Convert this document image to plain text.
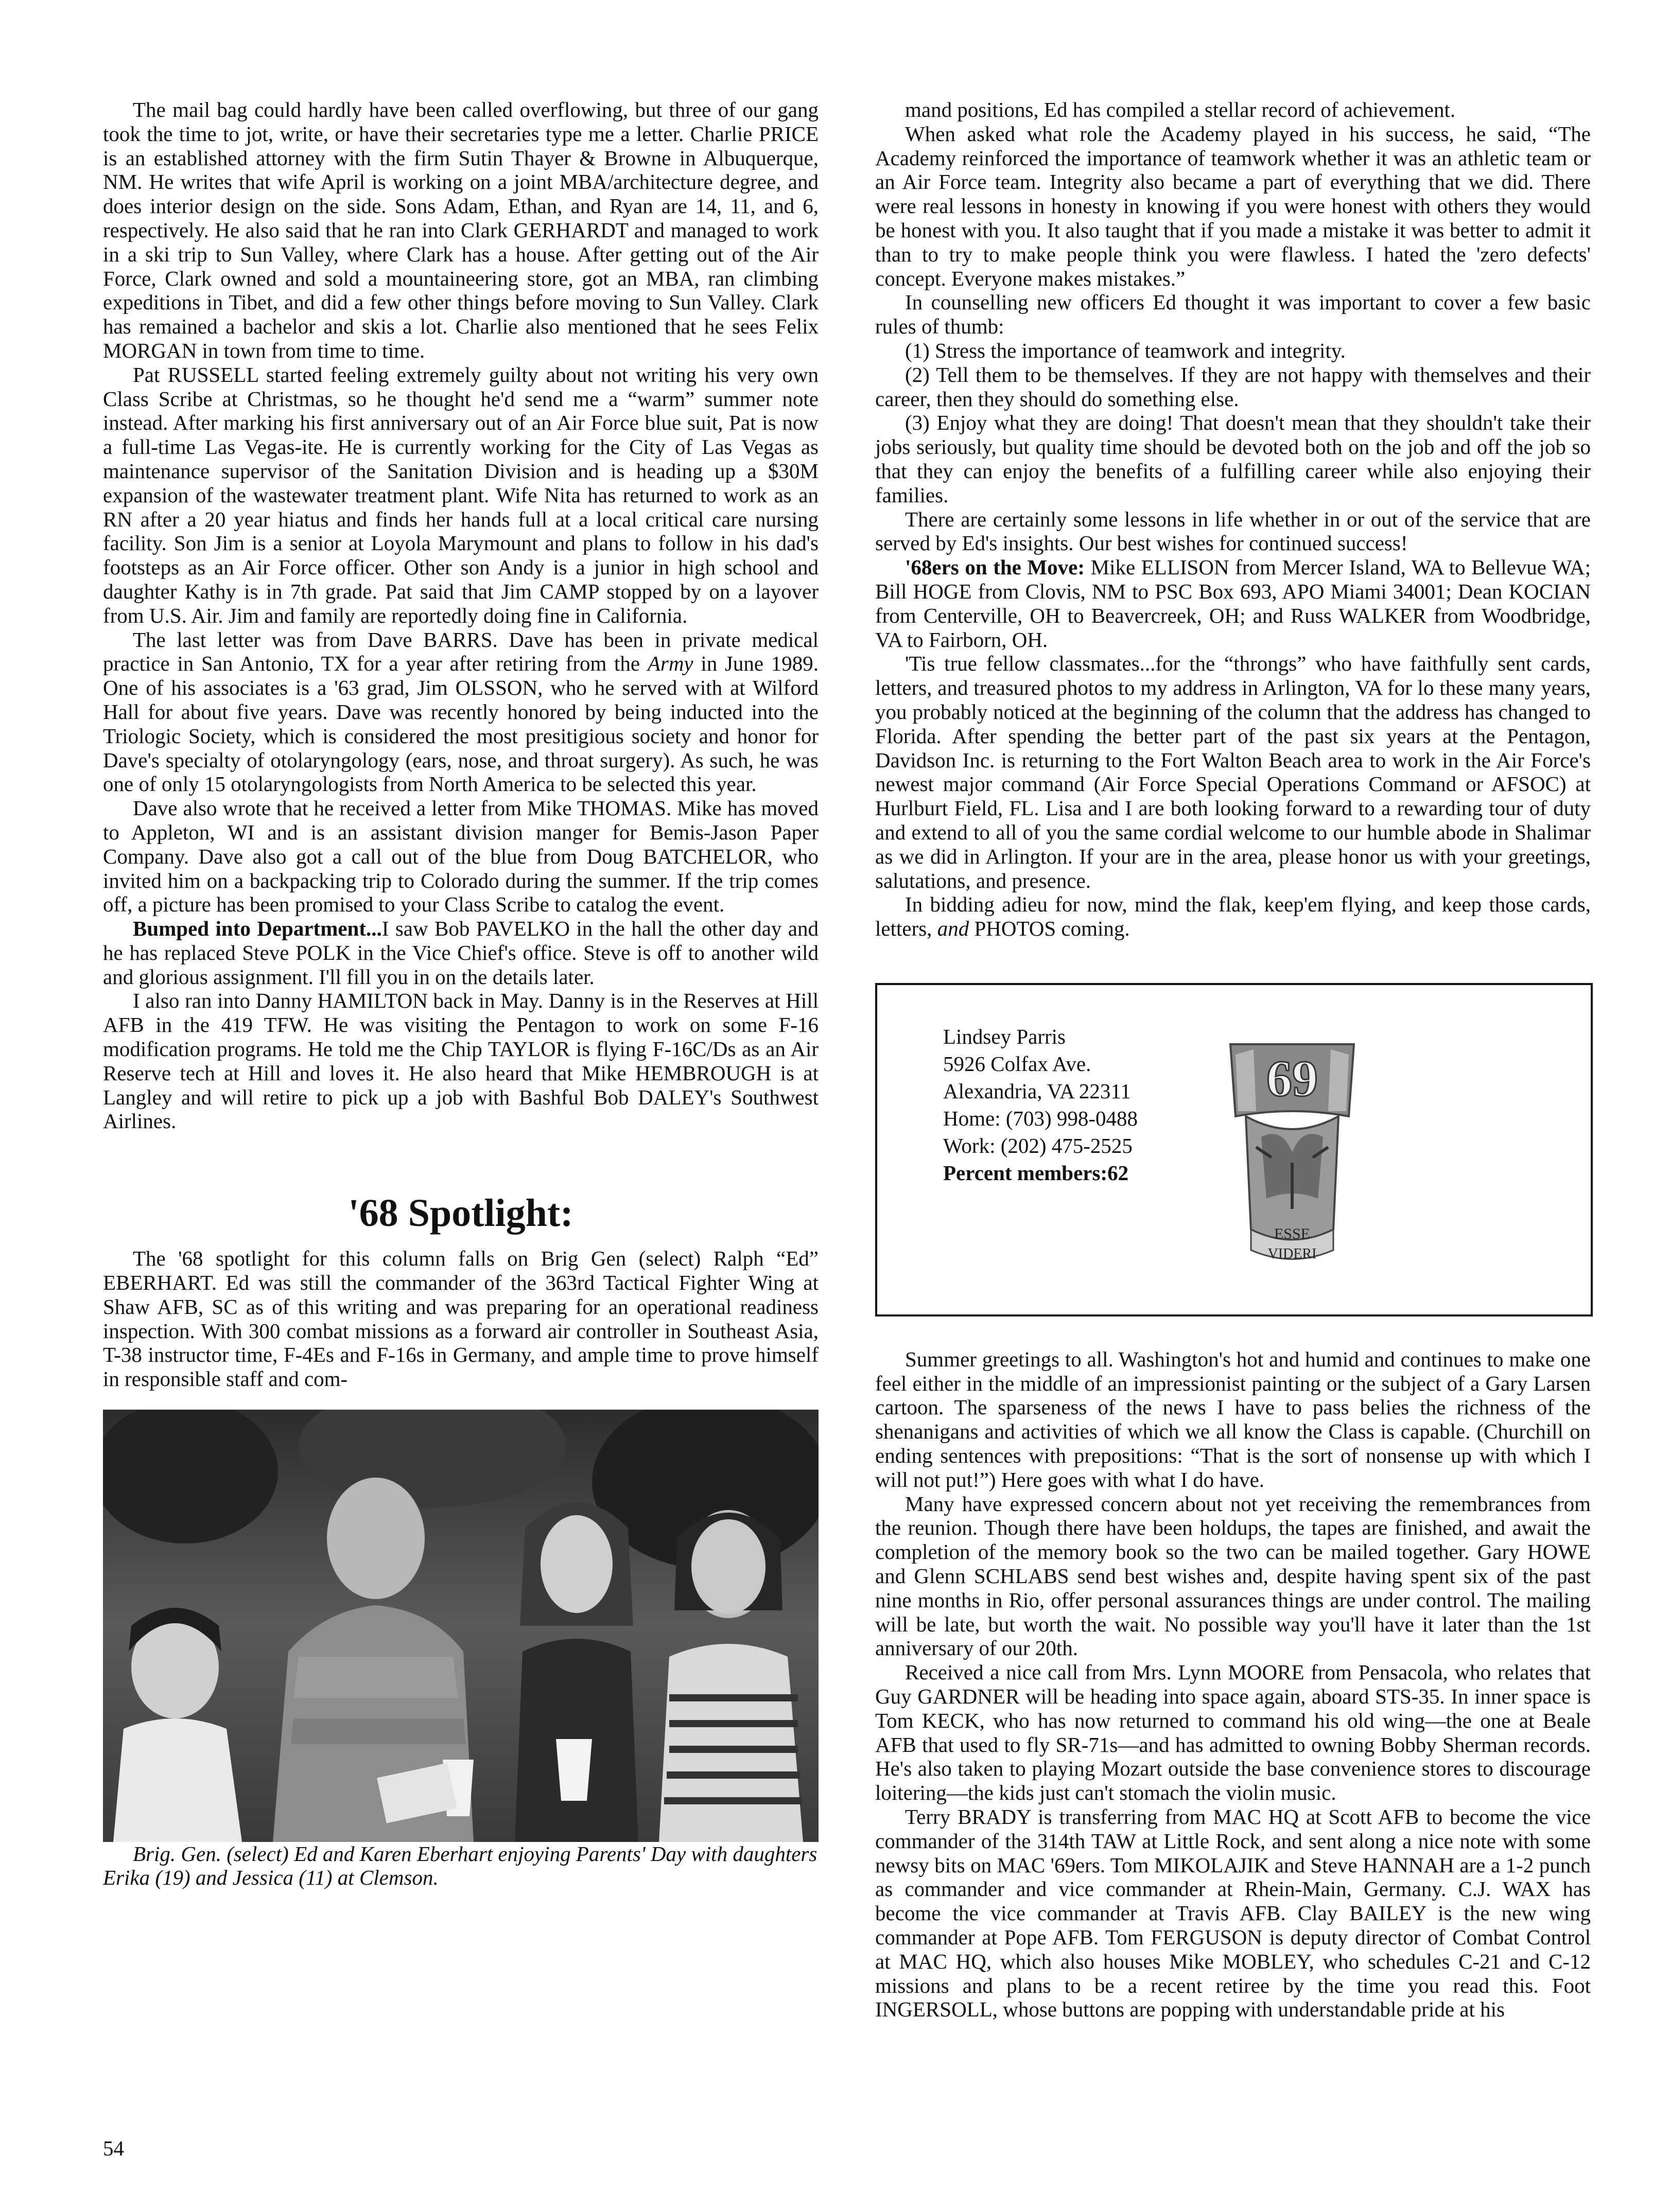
The mail bag could hardly have been called overflowing, but three of our gang took the time to jot, write, or have their secretaries type me a letter. Charlie PRICE is an established attorney with the firm Sutin Thayer & Browne in Albuquerque, NM. He writes that wife April is working on a joint MBA/architecture degree, and does interior design on the side. Sons Adam, Ethan, and Ryan are 14, 11, and 6, respectively. He also said that he ran into Clark GERHARDT and managed to work in a ski trip to Sun Valley, where Clark has a house. After getting out of the Air Force, Clark owned and sold a mountaineering store, got an MBA, ran climbing expeditions in Tibet, and did a few other things before moving to Sun Valley. Clark has remained a bachelor and skis a lot. Charlie also mentioned that he sees Felix MORGAN in town from time to time.

Pat RUSSELL started feeling extremely guilty about not writing his very own Class Scribe at Christmas, so he thought he'd send me a “warm” summer note instead. After marking his first anniversary out of an Air Force blue suit, Pat is now a full-time Las Vegas-ite. He is currently working for the City of Las Vegas as maintenance supervisor of the Sanitation Division and is heading up a $30M expansion of the wastewater treatment plant. Wife Nita has returned to work as an RN after a 20 year hiatus and finds her hands full at a local critical care nursing facility. Son Jim is a senior at Loyola Marymount and plans to follow in his dad's footsteps as an Air Force officer. Other son Andy is a junior in high school and daughter Kathy is in 7th grade. Pat said that Jim CAMP stopped by on a layover from U.S. Air. Jim and family are reportedly doing fine in California.

The last letter was from Dave BARRS. Dave has been in private medical practice in San Antonio, TX for a year after retiring from the Army in June 1989. One of his associates is a '63 grad, Jim OLSSON, who he served with at Wilford Hall for about five years. Dave was recently honored by being inducted into the Triologic Society, which is considered the most presitigious society and honor for Dave's specialty of otolaryngology (ears, nose, and throat surgery). As such, he was one of only 15 otolaryngologists from North America to be selected this year.

Dave also wrote that he received a letter from Mike THOMAS. Mike has moved to Appleton, WI and is an assistant division manger for Bemis-Jason Paper Company. Dave also got a call out of the blue from Doug BATCHELOR, who invited him on a backpacking trip to Colorado during the summer. If the trip comes off, a picture has been promised to your Class Scribe to catalog the event.

Bumped into Department...I saw Bob PAVELKO in the hall the other day and he has replaced Steve POLK in the Vice Chief's office. Steve is off to another wild and glorious assignment. I'll fill you in on the details later.

I also ran into Danny HAMILTON back in May. Danny is in the Reserves at Hill AFB in the 419 TFW. He was visiting the Pentagon to work on some F-16 modification programs. He told me the Chip TAYLOR is flying F-16C/Ds as an Air Reserve tech at Hill and loves it. He also heard that Mike HEMBROUGH is at Langley and will retire to pick up a job with Bashful Bob DALEY's Southwest Airlines.

'68 Spotlight:

The '68 spotlight for this column falls on Brig Gen (select) Ralph “Ed” EBERHART. Ed was still the commander of the 363rd Tactical Fighter Wing at Shaw AFB, SC as of this writing and was preparing for an operational readiness inspection. With 300 combat missions as a forward air controller in Southeast Asia, T-38 instructor time, F-4Es and F-16s in Germany, and ample time to prove himself in responsible staff and com-

Brig. Gen. (select) Ed and Karen Eberhart enjoying Parents' Day with daughters Erika (19) and Jessica (11) at Clemson.

mand positions, Ed has compiled a stellar record of achievement.

When asked what role the Academy played in his success, he said, “The Academy reinforced the importance of teamwork whether it was an athletic team or an Air Force team. Integrity also became a part of everything that we did. There were real lessons in honesty in knowing if you were honest with others they would be honest with you. It also taught that if you made a mistake it was better to admit it than to try to make people think you were flawless. I hated the 'zero defects' concept. Everyone makes mistakes.”

In counselling new officers Ed thought it was important to cover a few basic rules of thumb:

(1) Stress the importance of teamwork and integrity.

(2) Tell them to be themselves. If they are not happy with themselves and their career, then they should do something else.

(3) Enjoy what they are doing! That doesn't mean that they shouldn't take their jobs seriously, but quality time should be devoted both on the job and off the job so that they can enjoy the benefits of a fulfilling career while also enjoying their families.

There are certainly some lessons in life whether in or out of the service that are served by Ed's insights. Our best wishes for continued success!

'68ers on the Move: Mike ELLISON from Mercer Island, WA to Bellevue WA; Bill HOGE from Clovis, NM to PSC Box 693, APO Miami 34001; Dean KOCIAN from Centerville, OH to Beavercreek, OH; and Russ WALKER from Woodbridge, VA to Fairborn, OH.

'Tis true fellow classmates...for the “throngs” who have faithfully sent cards, letters, and treasured photos to my address in Arlington, VA for lo these many years, you probably noticed at the beginning of the column that the address has changed to Florida. After spending the better part of the past six years at the Pentagon, Davidson Inc. is returning to the Fort Walton Beach area to work in the Air Force's newest major command (Air Force Special Operations Command or AFSOC) at Hurlburt Field, FL. Lisa and I are both looking forward to a rewarding tour of duty and extend to all of you the same cordial welcome to our humble abode in Shalimar as we did in Arlington. If your are in the area, please honor us with your greetings, salutations, and presence.

In bidding adieu for now, mind the flak, keep'em flying, and keep those cards, letters, and PHOTOS coming.

Lindsey Parris
5926 Colfax Ave.
Alexandria, VA 22311
Home: (703) 998-0488
Work: (202) 475-2525
Percent members:62
69
ESSE
VIDERI

Summer greetings to all. Washington's hot and humid and continues to make one feel either in the middle of an impressionist painting or the subject of a Gary Larsen cartoon. The sparseness of the news I have to pass belies the richness of the shenanigans and activities of which we all know the Class is capable. (Churchill on ending sentences with prepositions: “That is the sort of nonsense up with which I will not put!”) Here goes with what I do have.

Many have expressed concern about not yet receiving the remembrances from the reunion. Though there have been holdups, the tapes are finished, and await the completion of the memory book so the two can be mailed together. Gary HOWE and Glenn SCHLABS send best wishes and, despite having spent six of the past nine months in Rio, offer personal assurances things are under control. The mailing will be late, but worth the wait. No possible way you'll have it later than the 1st anniversary of our 20th.

Received a nice call from Mrs. Lynn MOORE from Pensacola, who relates that Guy GARDNER will be heading into space again, aboard STS-35. In inner space is Tom KECK, who has now returned to command his old wing—the one at Beale AFB that used to fly SR-71s—and has admitted to owning Bobby Sherman records. He's also taken to playing Mozart outside the base convenience stores to discourage loitering—the kids just can't stomach the violin music.

Terry BRADY is transferring from MAC HQ at Scott AFB to become the vice commander of the 314th TAW at Little Rock, and sent along a nice note with some newsy bits on MAC '69ers. Tom MIKOLAJIK and Steve HANNAH are a 1-2 punch as commander and vice commander at Rhein-Main, Germany. C.J. WAX has become the vice commander at Travis AFB. Clay BAILEY is the new wing commander at Pope AFB. Tom FERGUSON is deputy director of Combat Control at MAC HQ, which also houses Mike MOBLEY, who schedules C-21 and C-12 missions and plans to be a recent retiree by the time you read this. Foot INGERSOLL, whose buttons are popping with understandable pride at his

54
